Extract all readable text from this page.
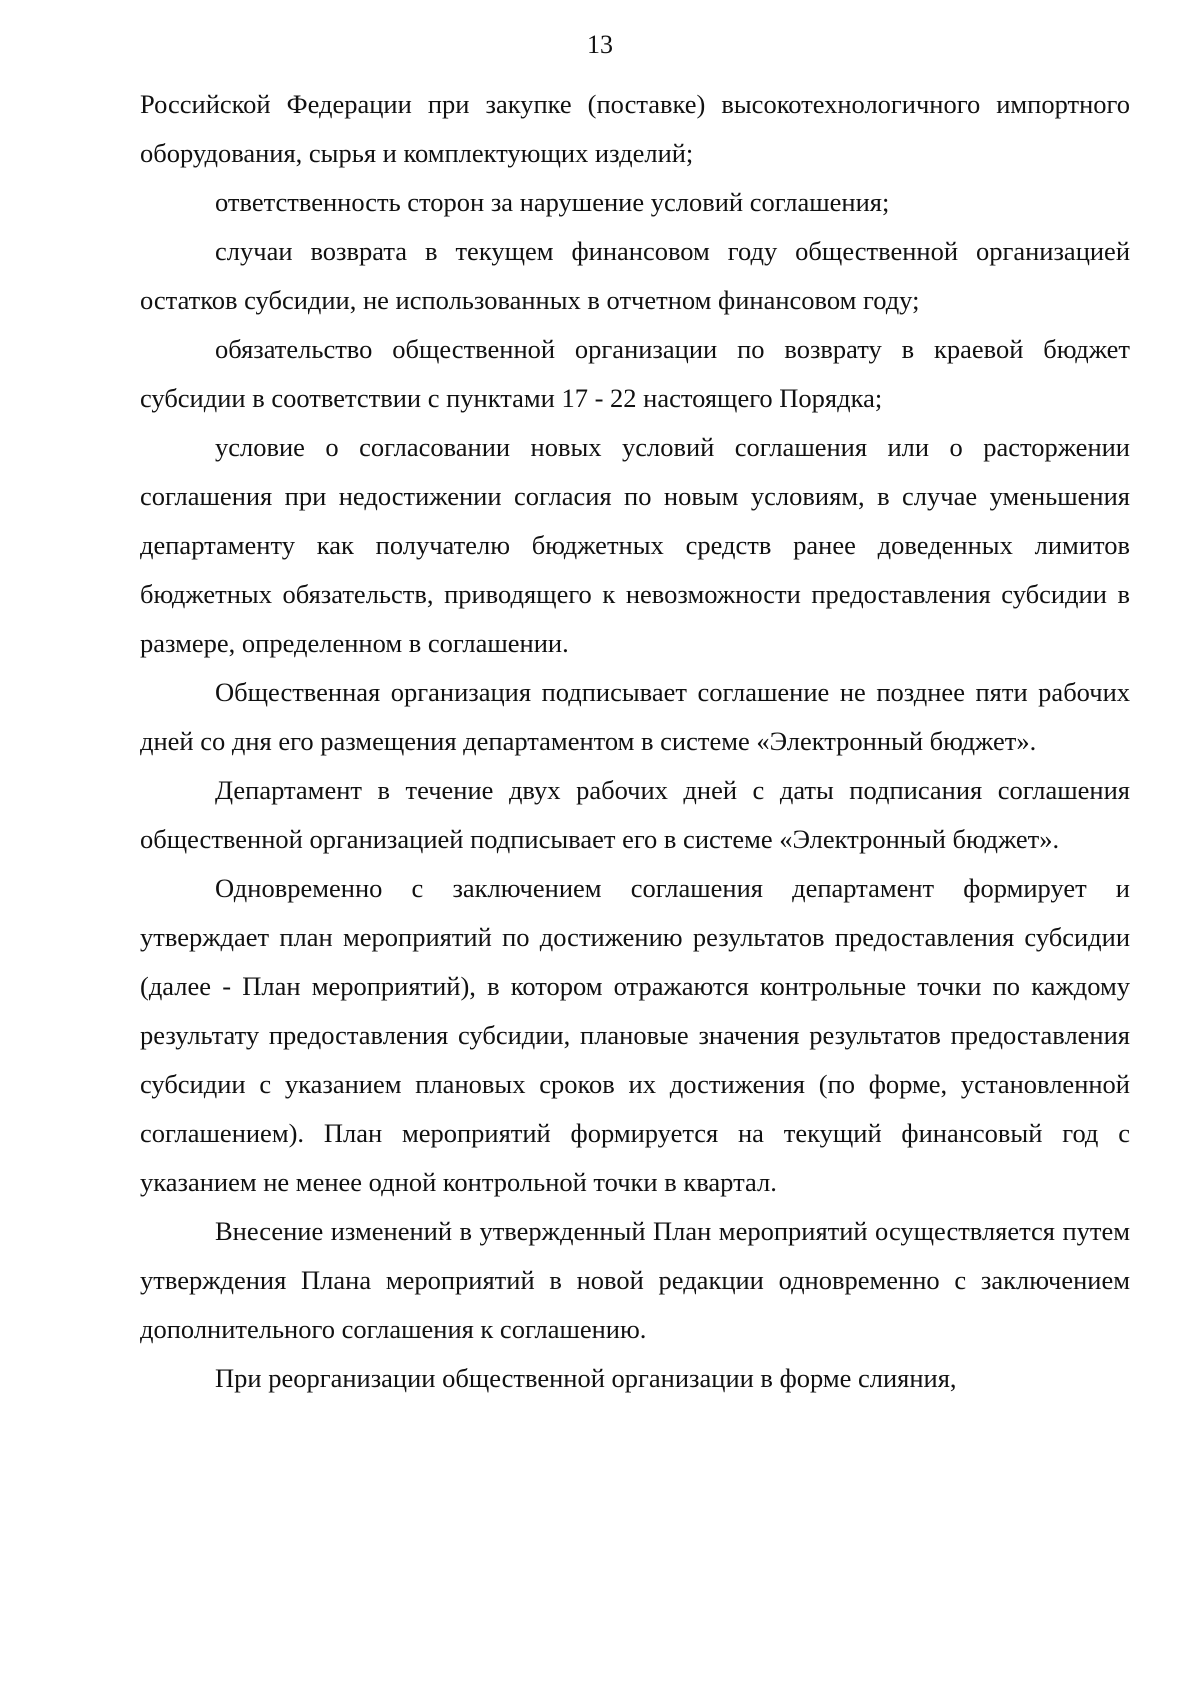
13

Российской Федерации при закупке (поставке) высокотехнологичного импортного оборудования, сырья и комплектующих изделий;

ответственность сторон за нарушение условий соглашения;

случаи возврата в текущем финансовом году общественной организацией остатков субсидии, не использованных в отчетном финансовом году;

обязательство общественной организации по возврату в краевой бюджет субсидии в соответствии с пунктами 17 - 22 настоящего Порядка;

условие о согласовании новых условий соглашения или о расторжении соглашения при недостижении согласия по новым условиям, в случае уменьшения департаменту как получателю бюджетных средств ранее доведенных лимитов бюджетных обязательств, приводящего к невозможности предоставления субсидии в размере, определенном в соглашении.

Общественная организация подписывает соглашение не позднее пяти рабочих дней со дня его размещения департаментом в системе «Электронный бюджет».

Департамент в течение двух рабочих дней с даты подписания соглашения общественной организацией подписывает его в системе «Электронный бюджет».

Одновременно с заключением соглашения департамент формирует и утверждает план мероприятий по достижению результатов предоставления субсидии (далее - План мероприятий), в котором отражаются контрольные точки по каждому результату предоставления субсидии, плановые значения результатов предоставления субсидии с указанием плановых сроков их достижения (по форме, установленной соглашением). План мероприятий формируется на текущий финансовый год с указанием не менее одной контрольной точки в квартал.

Внесение изменений в утвержденный План мероприятий осуществляется путем утверждения Плана мероприятий в новой редакции одновременно с заключением дополнительного соглашения к соглашению.

При реорганизации общественной организации в форме слияния,
